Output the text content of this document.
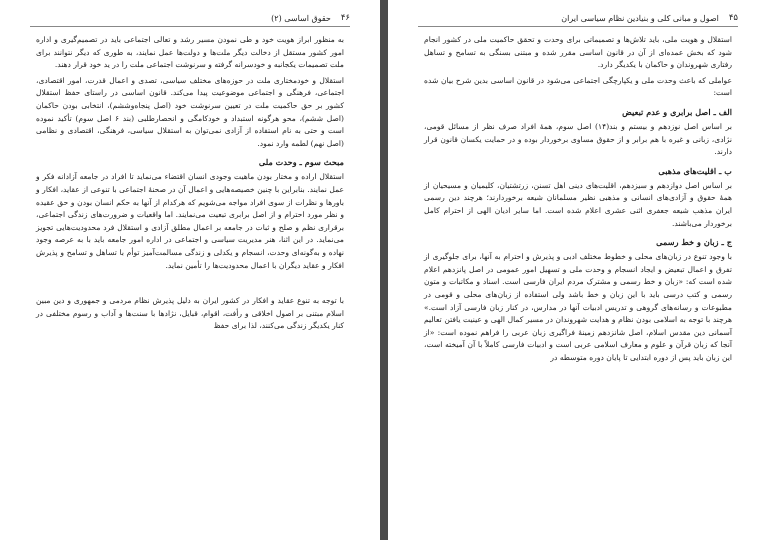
۴۶
حقوق اساسی (۲)

به منظور ابراز هویت خود و طی نمودن مسیر رشد و تعالی اجتماعی باید در تصمیم‌گیری و اداره امور کشور مستقل از دخالت دیگر ملت‌ها و دولت‌ها عمل نمایند، به طوری که دیگر نتوانند برای ملت تصمیمات یکجانبه و خودسرانه گرفته و سرنوشت اجتماعی ملت را در ید خود قرار دهند.

استقلال و خودمختاری ملت در حوزه‌های مختلف سیاسی، تصدی و اعمال قدرت، امور اقتصادی، اجتماعی، فرهنگی و اجتماعی موضوعیت پیدا می‌کند. قانون اساسی در راستای حفظ استقلال کشور بر حق حاکمیت ملت در تعیین سرنوشت خود (اصل پنجاه‌وششم)، انتخابی بودن حاکمان (اصل ششم)، محو هرگونه استبداد و خودکامگی و انحصارطلبی (بند ۶ اصل سوم) تأکید نموده است و حتی به نام استفاده از آزادی نمی‌توان به استقلال سیاسی، فرهنگی، اقتصادی و نظامی (اصل نهم) لطمه وارد نمود.

مبحث سوم ـ وحدت ملی

استقلال اراده و مختار بودن ماهیت وجودی انسان اقتضاء می‌نماید تا افراد در جامعه آزادانه فکر و عمل نمایند. بنابراین با چنین خصیصه‌هایی و اعمال آن در صحنهٔ اجتماعی با تنوعی از عقاید، افکار و باورها و نظرات از سوی افراد مواجه می‌شویم که هرکدام از آنها به حکم انسان بودن و حق عقیده و نظر مورد احترام و از اصل برابری تبعیت می‌نمایند. اما واقعیات و ضرورت‌های زندگی اجتماعی، برقراری نظم و صلح و ثبات در جامعه بر اعمال مطلق آزادی و استقلال فرد محدودیت‌هایی تجویز می‌نماید. در این اثنا، هنر مدیریت سیاسی و اجتماعی در اداره امور جامعه باید با به عرصه وجود نهاده و به‌گونه‌ای وحدت، انسجام و یکدلی و زندگی مسالمت‌آمیز توأم با تساهل و تسامح و پذیرش افکار و عقاید دیگران با اعمال محدودیت‌ها را تأمین نماید.

با توجه به تنوع عقاید و افکار در کشور ایران به دلیل پذیرش نظام مردمی و جمهوری و دین مبین اسلام مبتنی بر اصول اخلاقی و رأفت، اقوام، قبایل، نژادها با سنت‌ها و آداب و رسوم مختلفی در کنار یکدیگر زندگی می‌کنند، لذا برای حفظ

۴۵
اصول و مبانی کلی و بنیادین نظام سیاسی ایران

استقلال و هویت ملی، باید تلاش‌ها و تصمیماتی برای وحدت و تحقق حاکمیت ملی در کشور انجام شود که بخش عمده‌ای از آن در قانون اساسی مقرر شده و مبتنی بسنگی به تسامح و تساهل رفتاری شهروندان و حاکمان با یکدیگر دارد.

عواملی که باعث وحدت ملی و یکپارچگی اجتماعی می‌شود در قانون اساسی بدین شرح بیان شده است:

الف ـ اصل برابری و عدم تبعیض

بر اساس اصل نوزدهم و بیستم و بند(۱۴) اصل سوم، همهٔ افراد صرف نظر از مسائل قومی، نژادی، زبانی و غیره با هم برابر و از حقوق مساوی برخوردار بوده و در حمایت یکسان قانون قرار دارند.

ب ـ اقلیت‌های مذهبی

بر اساس اصل دوازدهم و سیزدهم، اقلیت‌های دینی اهل تسنن، زرتشتیان، کلیمیان و مسیحیان از همهٔ حقوق و آزادی‌های انسانی و مذهبی نظیر مسلمانان شیعه برخوردارند؛ هرچند دین رسمی ایران مذهب شیعه جعفری اثنی عشری اعلام شده است. اما سایر ادیان الهی از احترام کامل برخوردار می‌باشند.

ج ـ زبان و خط رسمی

با وجود تنوع در زبان‌های محلی و خطوط مختلف ادبی و پذیرش و احترام به آنها، برای جلوگیری از تفرق و اعمال تبعیض و ایجاد انسجام و وحدت ملی و تسهیل امور عمومی در اصل پانزدهم اعلام شده است که: «زبان و خط رسمی و مشترک مردم ایران فارسی است. اسناد و مکاتبات و متون رسمی و کتب درسی باید با این زبان و خط باشد ولی استفاده از زبان‌های محلی و قومی در مطبوعات و رسانه‌های گروهی و تدریس ادبیات آنها در مدارس، در کنار زبان فارسی آزاد است.» هرچند با توجه به اسلامی بودن نظام و هدایت شهروندان در مسیر کمال الهی و عینیت یافتن تعالیم آسمانی دین مقدس اسلام، اصل شانزدهم زمینهٔ فراگیری زبان عربی را فراهم نموده است: «از آنجا که زبان قرآن و علوم و معارف اسلامی عربی است و ادبیات فارسی کاملاً با آن آمیخته است، این زبان باید پس از دوره ابتدایی تا پایان دوره متوسطه در
